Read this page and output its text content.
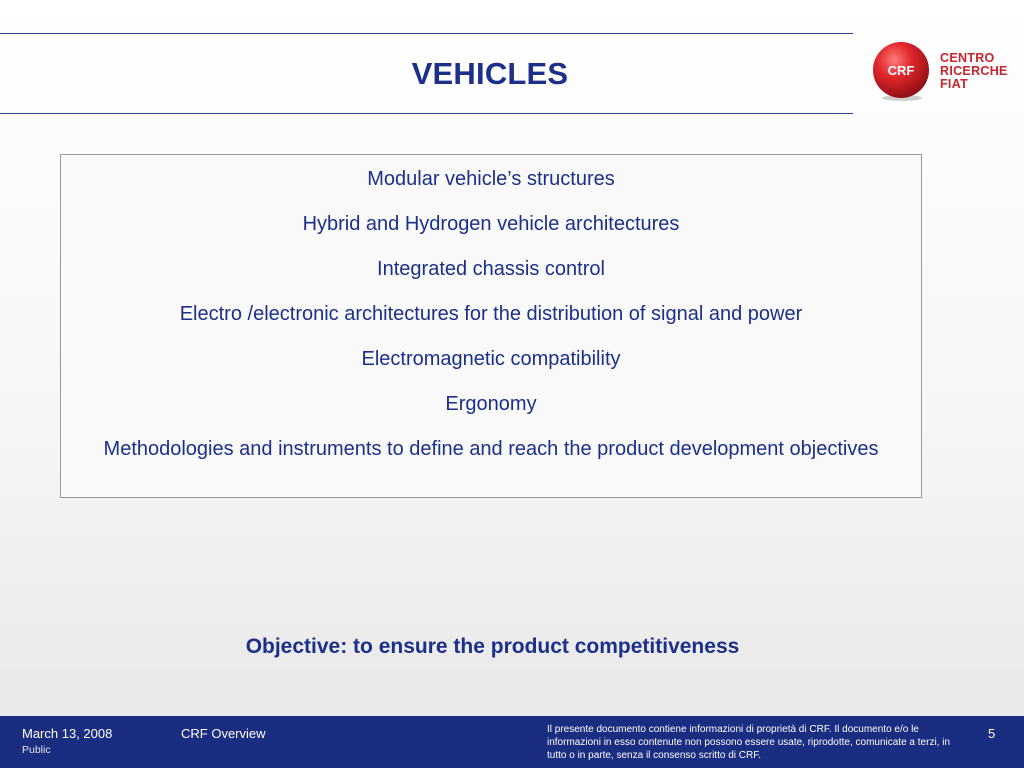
VEHICLES	CRF
CENTRO
RICERCHE
FIAT
Modular vehicle’s structures
Hybrid and Hydrogen vehicle architectures
Integrated chassis control
Electro /electronic architectures for the distribution of signal and power
Electromagnetic compatibility
Ergonomy
Methodologies and instruments to define and reach the product development objectives
Objective: to ensure the product competitiveness
March 13, 2008
Public
CRF Overview	Il presente documento contiene informazioni di proprietà di CRF. Il documento e/o le informazioni in esso contenute non possono essere usate, riprodotte, comunicate a terzi, in tutto o in parte, senza il consenso scritto di CRF.
5
